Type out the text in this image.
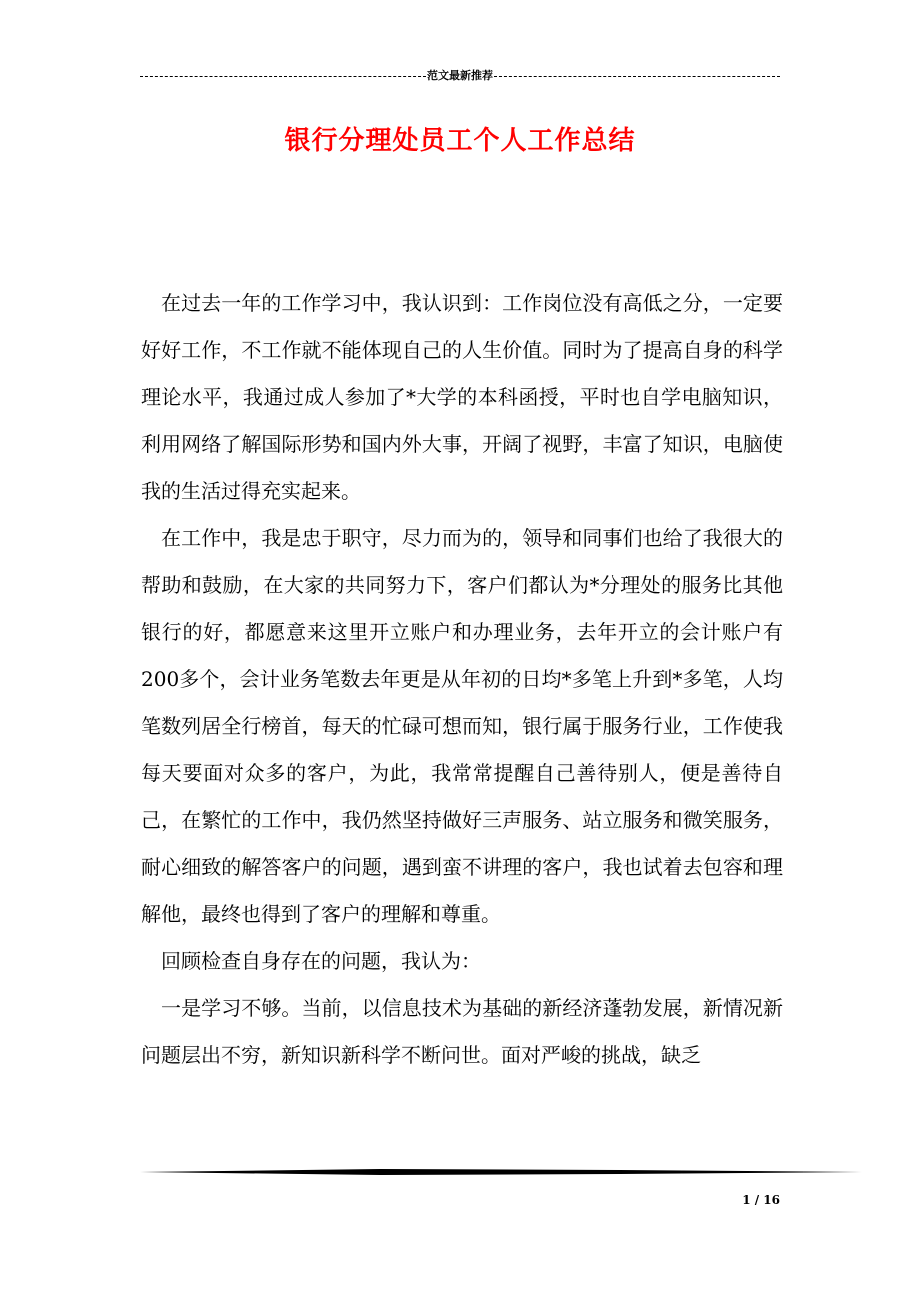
范文最新推荐
银行分理处员工个人工作总结

在过去一年的工作学习中，我认识到：工作岗位没有高低之分，一定要好好工作，不工作就不能体现自己的人生价值。同时为了提高自身的科学理论水平，我通过成人参加了*大学的本科函授，平时也自学电脑知识，利用网络了解国际形势和国内外大事，开阔了视野，丰富了知识，电脑使我的生活过得充实起来。

在工作中，我是忠于职守，尽力而为的，领导和同事们也给了我很大的帮助和鼓励，在大家的共同努力下，客户们都认为*分理处的服务比其他银行的好，都愿意来这里开立账户和办理业务，去年开立的会计账户有200多个，会计业务笔数去年更是从年初的日均*多笔上升到*多笔，人均笔数列居全行榜首，每天的忙碌可想而知，银行属于服务行业，工作使我每天要面对众多的客户，为此，我常常提醒自己善待别人，便是善待自己，在繁忙的工作中，我仍然坚持做好三声服务、站立服务和微笑服务，耐心细致的解答客户的问题，遇到蛮不讲理的客户，我也试着去包容和理解他，最终也得到了客户的理解和尊重。

回顾检查自身存在的问题，我认为：

一是学习不够。当前，以信息技术为基础的新经济蓬勃发展，新情况新问题层出不穷，新知识新科学不断问世。面对严峻的挑战，缺乏

1 / 16
